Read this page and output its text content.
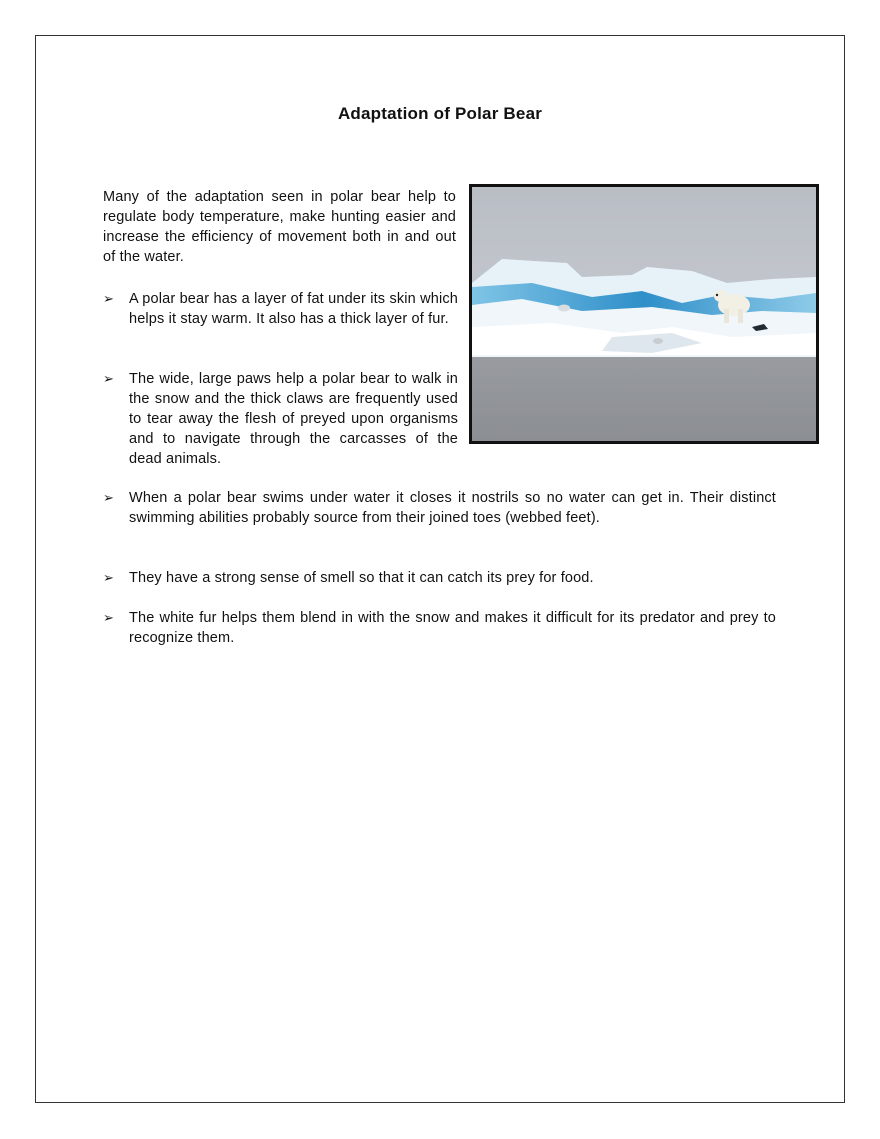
Adaptation of Polar Bear
Many of the adaptation seen in polar bear help to regulate body temperature, make hunting easier and increase the efficiency of movement both in and out of the water.
➢	A polar bear has a layer of fat under its skin which helps it stay warm. It also has a thick layer of fur.
➢	The wide, large paws help a polar bear to walk in the snow and the thick claws are frequently used to tear away the flesh of preyed upon organisms and to navigate through the carcasses of the dead animals.
➢	When a polar bear swims under water it closes it nostrils so no water can get in. Their distinct swimming abilities probably source from their joined toes (webbed feet).
➢	They have a strong sense of smell so that it can catch its prey for food.
➢	The white fur helps them blend in with the snow and makes it difficult for its predator and prey to recognize them.
